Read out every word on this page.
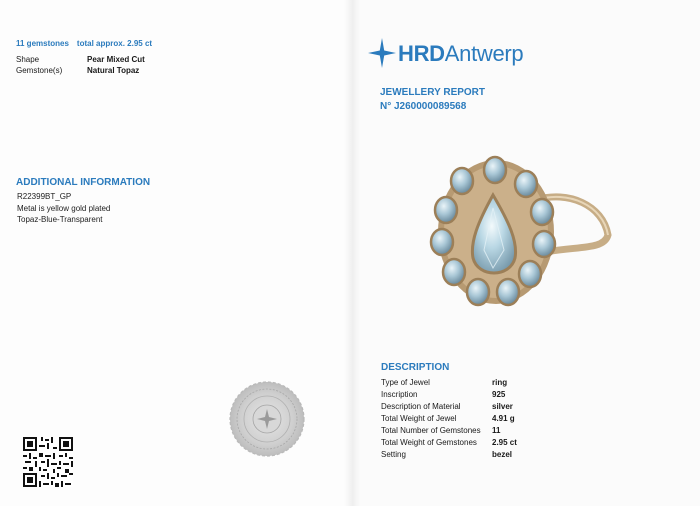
11 gemstones total approx. 2.95 ct
Shape	Pear Mixed Cut
Gemstone(s)	Natural Topaz
ADDITIONAL INFORMATION
R22399BT_GP
Metal is yellow gold plated
Topaz-Blue-Transparent
HRDAntwerp
JEWELLERY REPORT
N° J260000089568
DESCRIPTION
Type of Jewel	ring
Inscription	925
Description of Material	silver
Total Weight of Jewel	4.91 g
Total Number of Gemstones 11
Total Weight of Gemstones 2.95 ct
Setting	bezel
